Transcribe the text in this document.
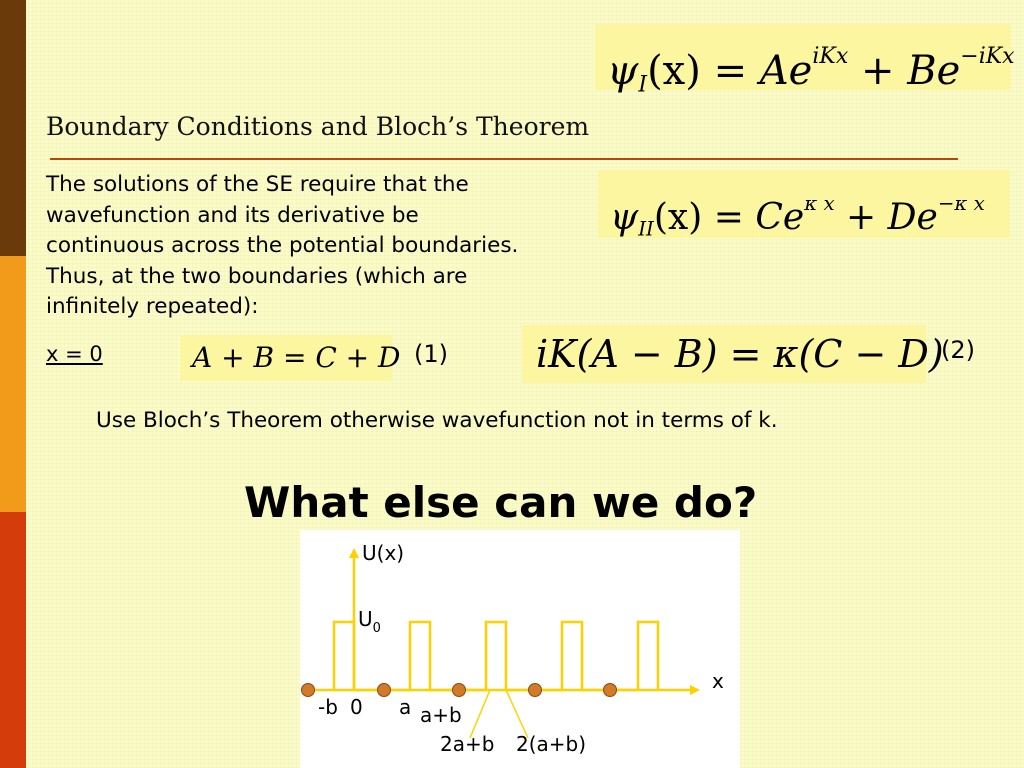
$\psi I(x) = Ae^{iKx} + Be^{-iKx}$
Boundary Conditions and Bloch’s Theorem

The solutions of the SE require that the

wavefunction and its derivative be

continuous across the potential boundaries.

Thus, at the two boundaries (which are

infinitely repeated):

$\psi II(x) = Ce^{\kappa x} + De^{-\kappa x}$
x = 0	A + B = C + D (1)	iK(A − B) = κ(C − D)
(2)
Use Bloch’s Theorem otherwise wavefunction not in terms of k.
What else can we do?
U(x)
$U_0$
x
-b 0 a a+b
2a+b 2(a+b)
